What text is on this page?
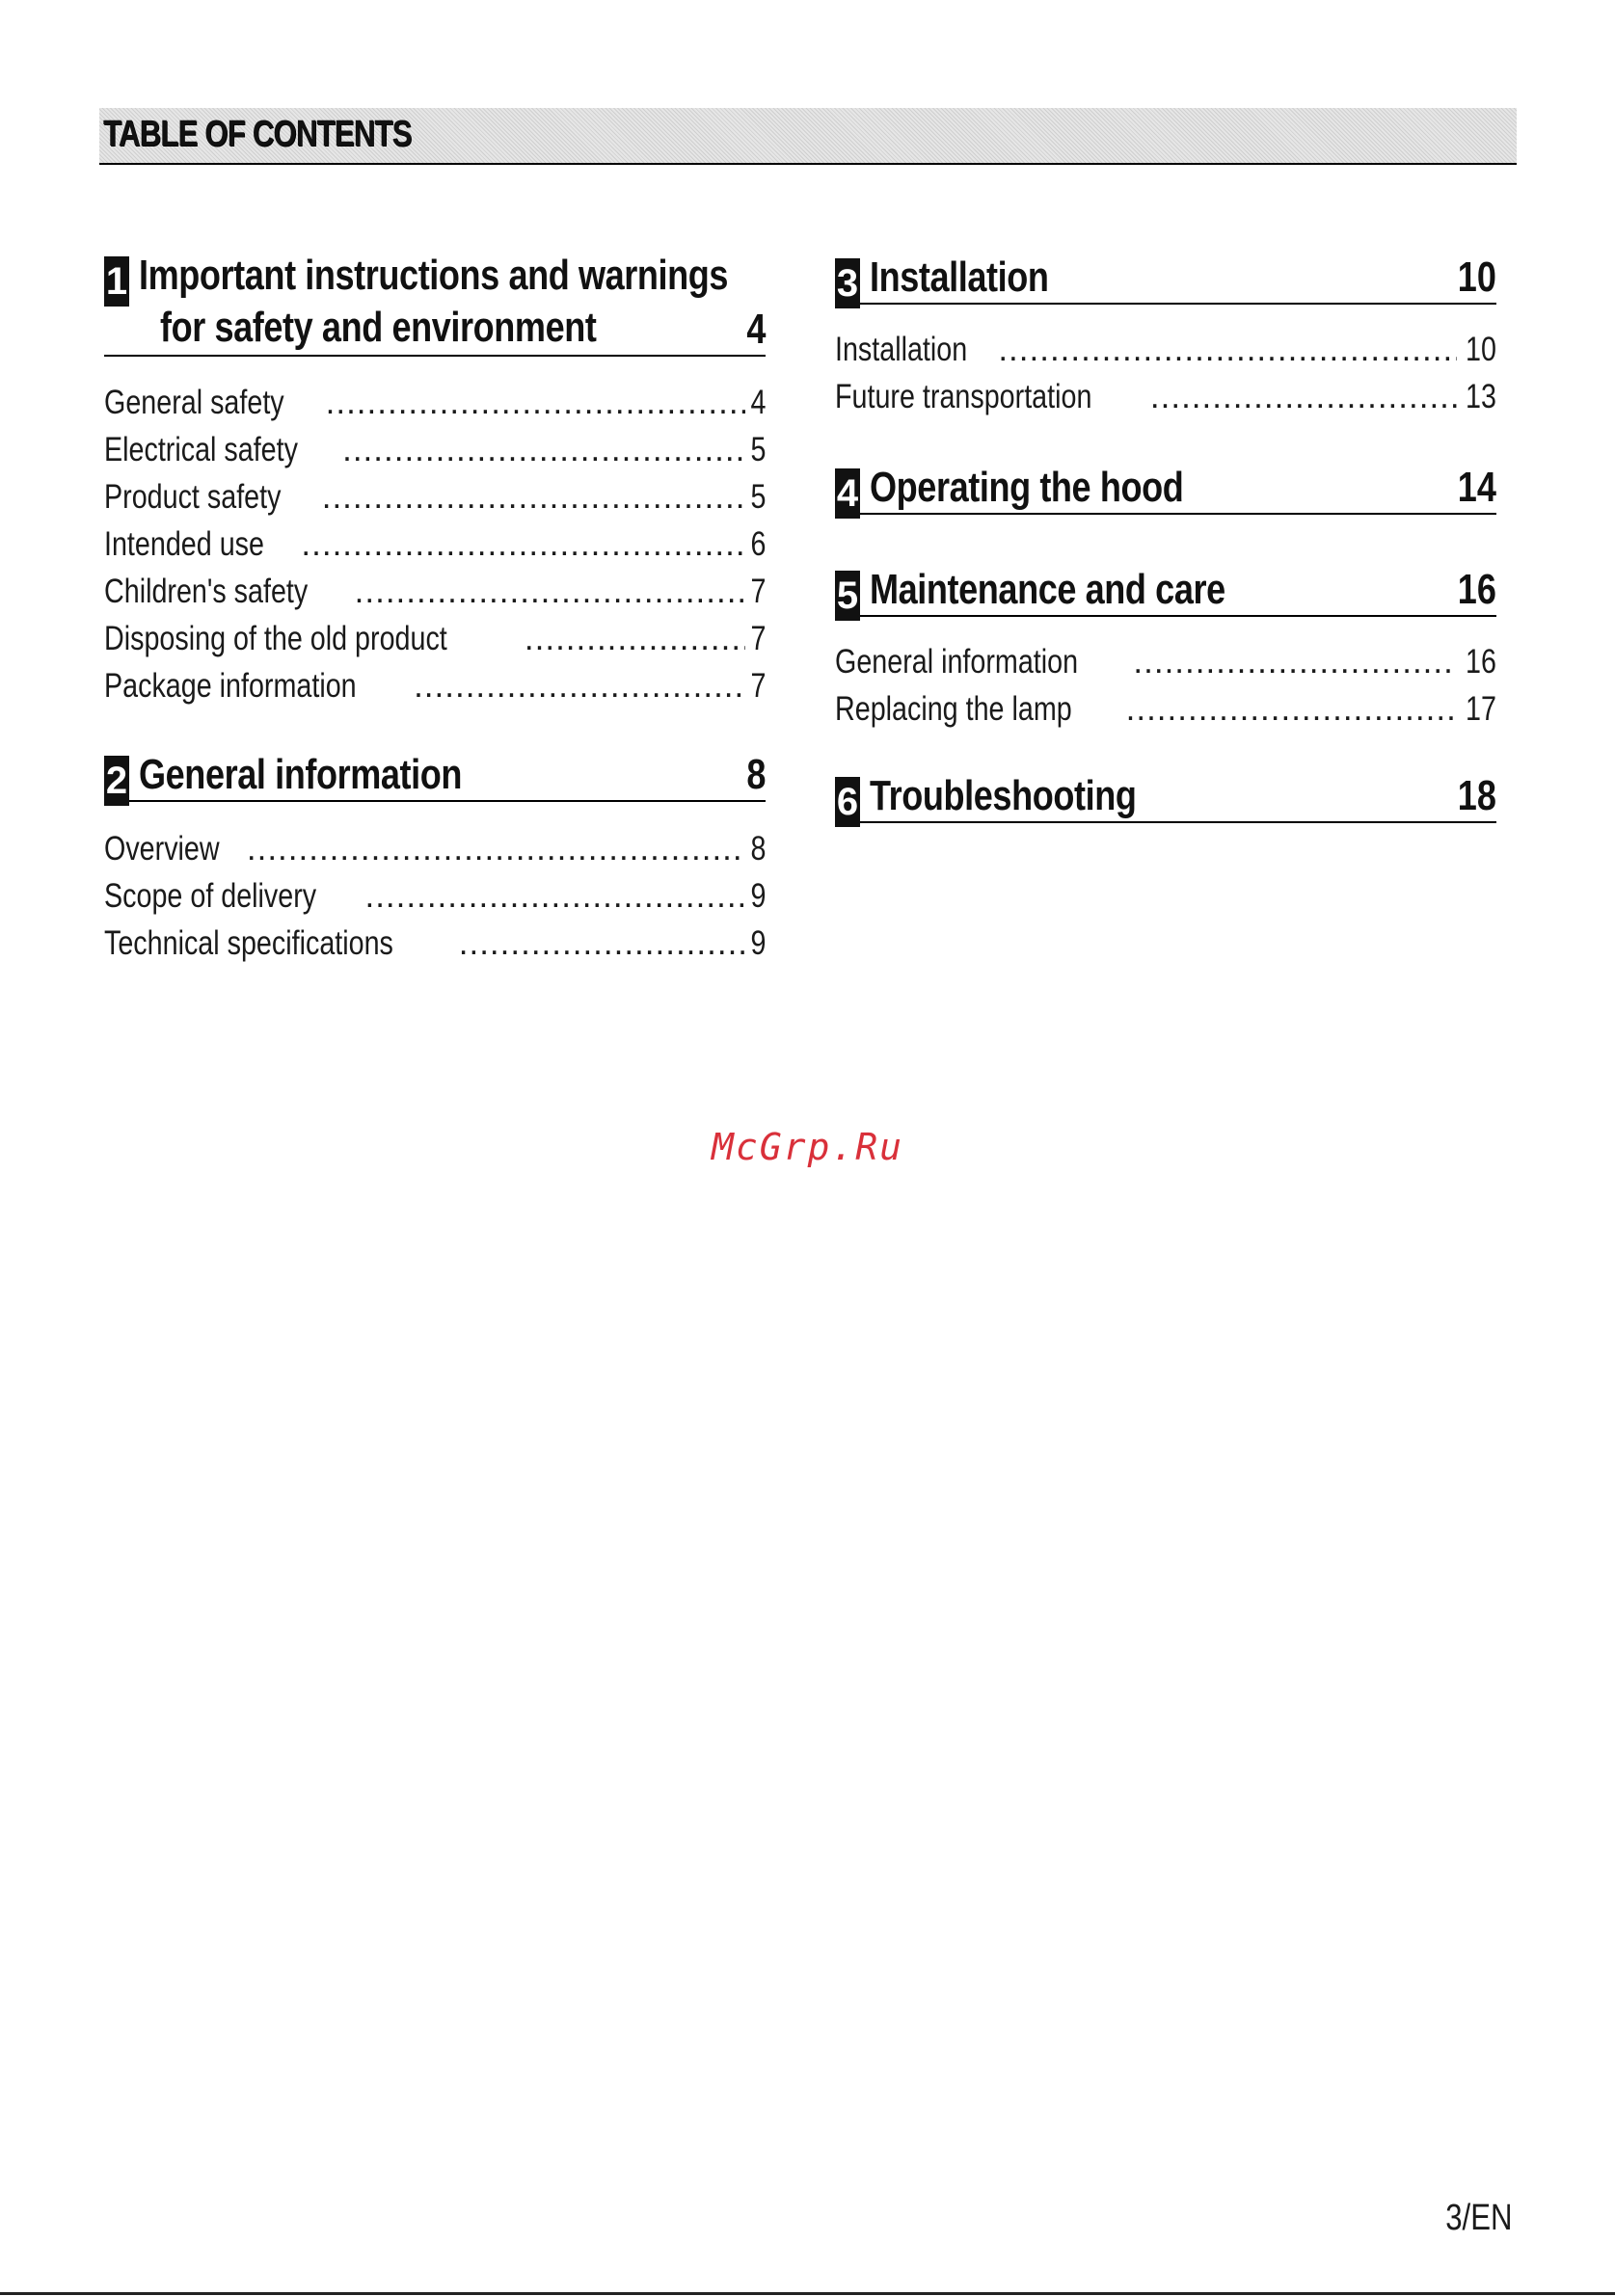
TABLE OF CONTENTS
1 Important instructions and warnings
for safety and environment	4
General safety .....	4
Electrical safety .....	5
Product safety .....	5
Intended use .....	6
Children's safety .....	7
Disposing of the old product .....	7
Package information .....	7
2 General information	8
Overview .....	8
Scope of delivery .....	9
Technical specifications .....	9
3 Installation	10
Installation .....	10
Future transportation .....	13
4 Operating the hood	14
5 Maintenance and care	16
General information .....	16
Replacing the lamp .....	17
6 Troubleshooting	18
McGrp.Ru
3/EN
